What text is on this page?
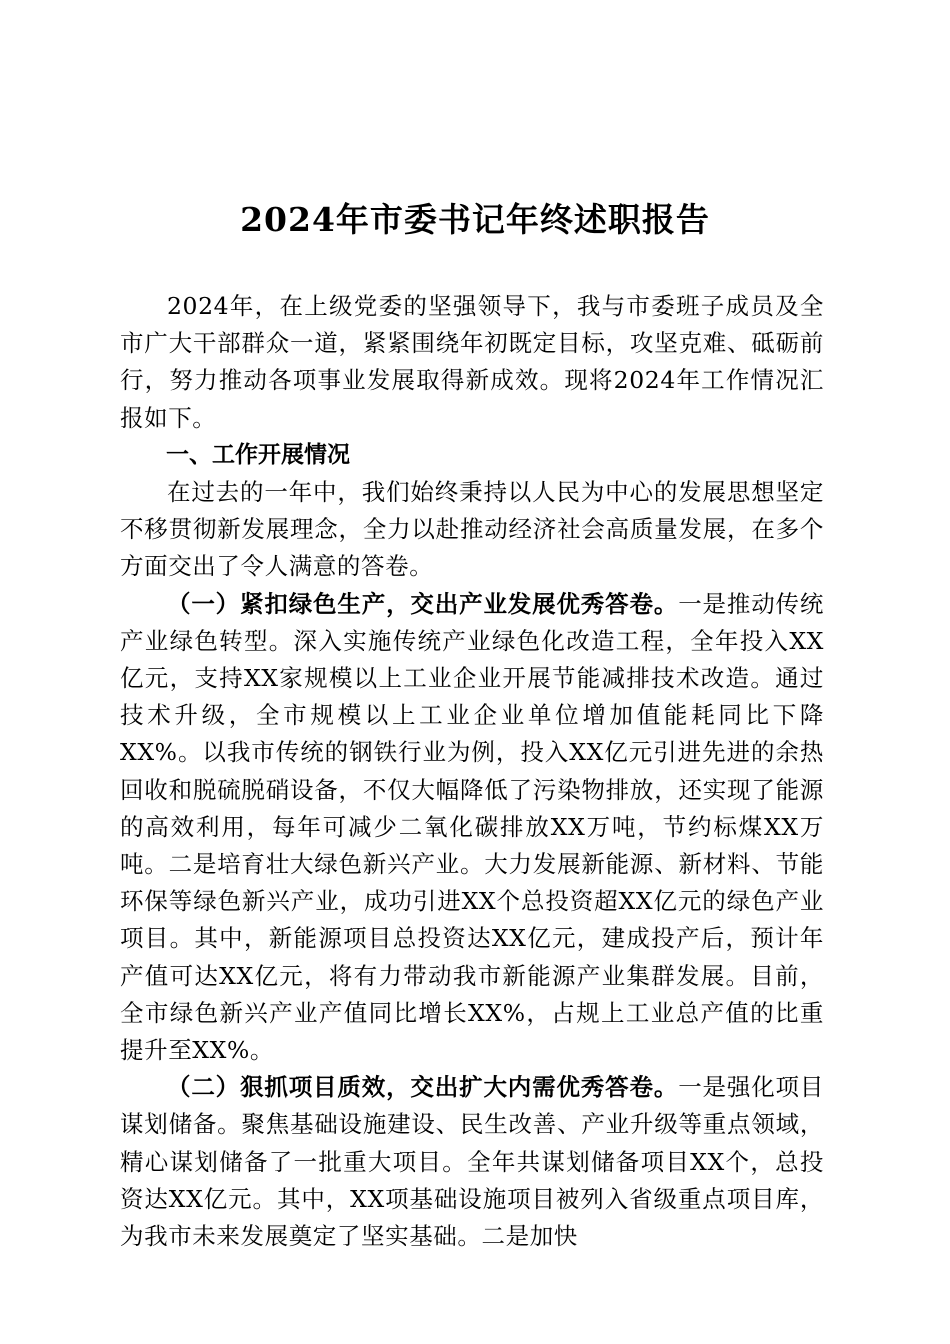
2024年市委书记年终述职报告

2024年，在上级党委的坚强领导下，我与市委班子成员及全市广大干部群众一道，紧紧围绕年初既定目标，攻坚克难、砥砺前行，努力推动各项事业发展取得新成效。现将2024年工作情况汇报如下。

一、工作开展情况

在过去的一年中，我们始终秉持以人民为中心的发展思想坚定不移贯彻新发展理念，全力以赴推动经济社会高质量发展，在多个方面交出了令人满意的答卷。

（一）紧扣绿色生产，交出产业发展优秀答卷。一是推动传统产业绿色转型。深入实施传统产业绿色化改造工程，全年投入XX亿元，支持XX家规模以上工业企业开展节能减排技术改造。通过技术升级，全市规模以上工业企业单位增加值能耗同比下降XX%。以我市传统的钢铁行业为例，投入XX亿元引进先进的余热回收和脱硫脱硝设备，不仅大幅降低了污染物排放，还实现了能源的高效利用，每年可减少二氧化碳排放XX万吨，节约标煤XX万吨。二是培育壮大绿色新兴产业。大力发展新能源、新材料、节能环保等绿色新兴产业，成功引进XX个总投资超XX亿元的绿色产业项目。其中，新能源项目总投资达XX亿元，建成投产后，预计年产值可达XX亿元，将有力带动我市新能源产业集群发展。目前，全市绿色新兴产业产值同比增长XX%，占规上工业总产值的比重提升至XX%。

（二）狠抓项目质效，交出扩大内需优秀答卷。一是强化项目谋划储备。聚焦基础设施建设、民生改善、产业升级等重点领域，精心谋划储备了一批重大项目。全年共谋划储备项目XX个，总投资达XX亿元。其中，XX项基础设施项目被列入省级重点项目库，为我市未来发展奠定了坚实基础。二是加快
